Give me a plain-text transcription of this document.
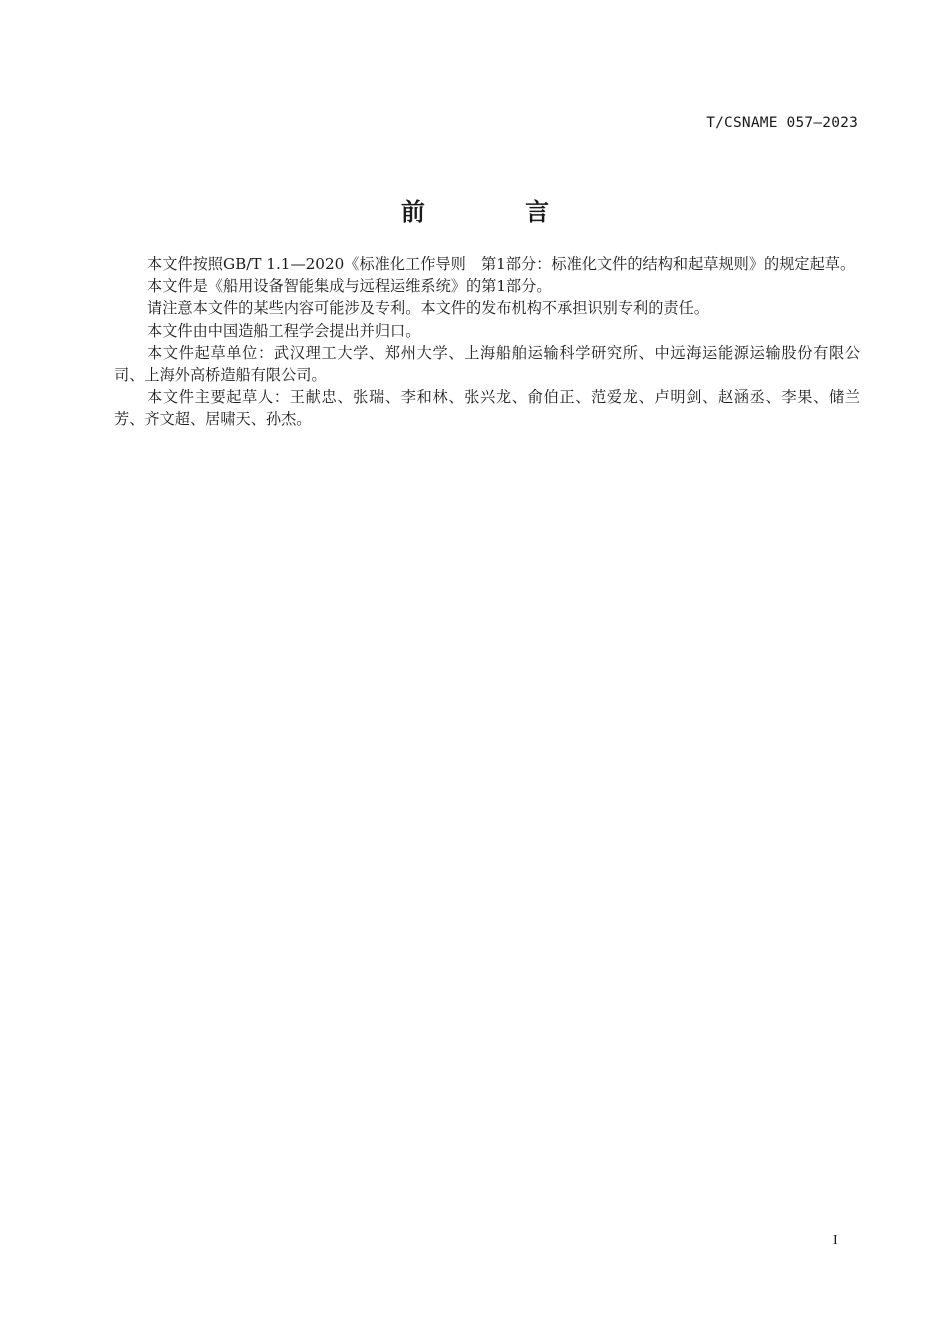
T/CSNAME 057—2023
前 言

本文件按照GB/T 1.1—2020《标准化工作导则　第1部分：标准化文件的结构和起草规则》的规定起草。

本文件是《船用设备智能集成与远程运维系统》的第1部分。

请注意本文件的某些内容可能涉及专利。本文件的发布机构不承担识别专利的责任。

本文件由中国造船工程学会提出并归口。

本文件起草单位：武汉理工大学、郑州大学、上海船舶运输科学研究所、中远海运能源运输股份有限公司、上海外高桥造船有限公司。

本文件主要起草人：王献忠、张瑞、李和林、张兴龙、俞伯正、范爱龙、卢明剑、赵涵丞、李果、储兰芳、齐文超、居啸天、孙杰。

I
